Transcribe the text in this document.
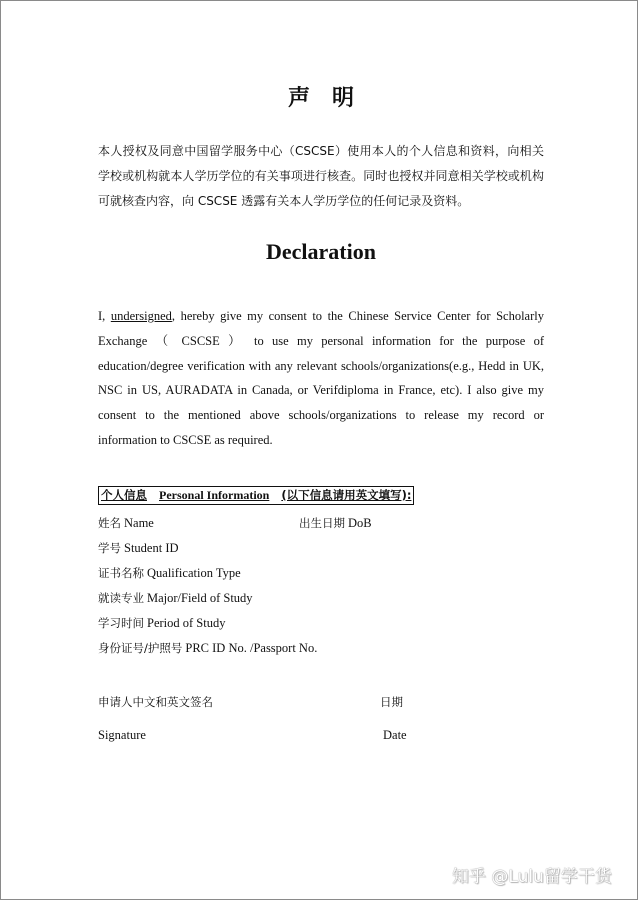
声明
本人授权及同意中国留学服务中心（CSCSE）使用本人的个人信息和资料，向相关学校或机构就本人学历学位的有关事项进行核查。同时也授权并同意相关学校或机构可就核查内容，向 CSCSE 透露有关本人学历学位的任何记录及资料。
Declaration
I, undersigned, hereby give my consent to the Chinese Service Center for Scholarly Exchange （ CSCSE ） to use my personal information for the purpose of education/degree verification with any relevant schools/organizations(e.g., Hedd in UK, NSC in US, AURADATA in Canada, or Verifdiploma in France, etc). I also give my consent to the mentioned above schools/organizations to release my record or information to CSCSE as required.
个人信息 Personal Information (以下信息请用英文填写):
姓名 Name	出生日期 DoB
学号 Student ID
证书名称 Qualification Type
就读专业 Major/Field of Study
学习时间 Period of Study
身份证号/护照号 PRC ID No. /Passport No.
申请人中文和英文签名	日期
Signature	Date
知乎 @Lulu留学干货
